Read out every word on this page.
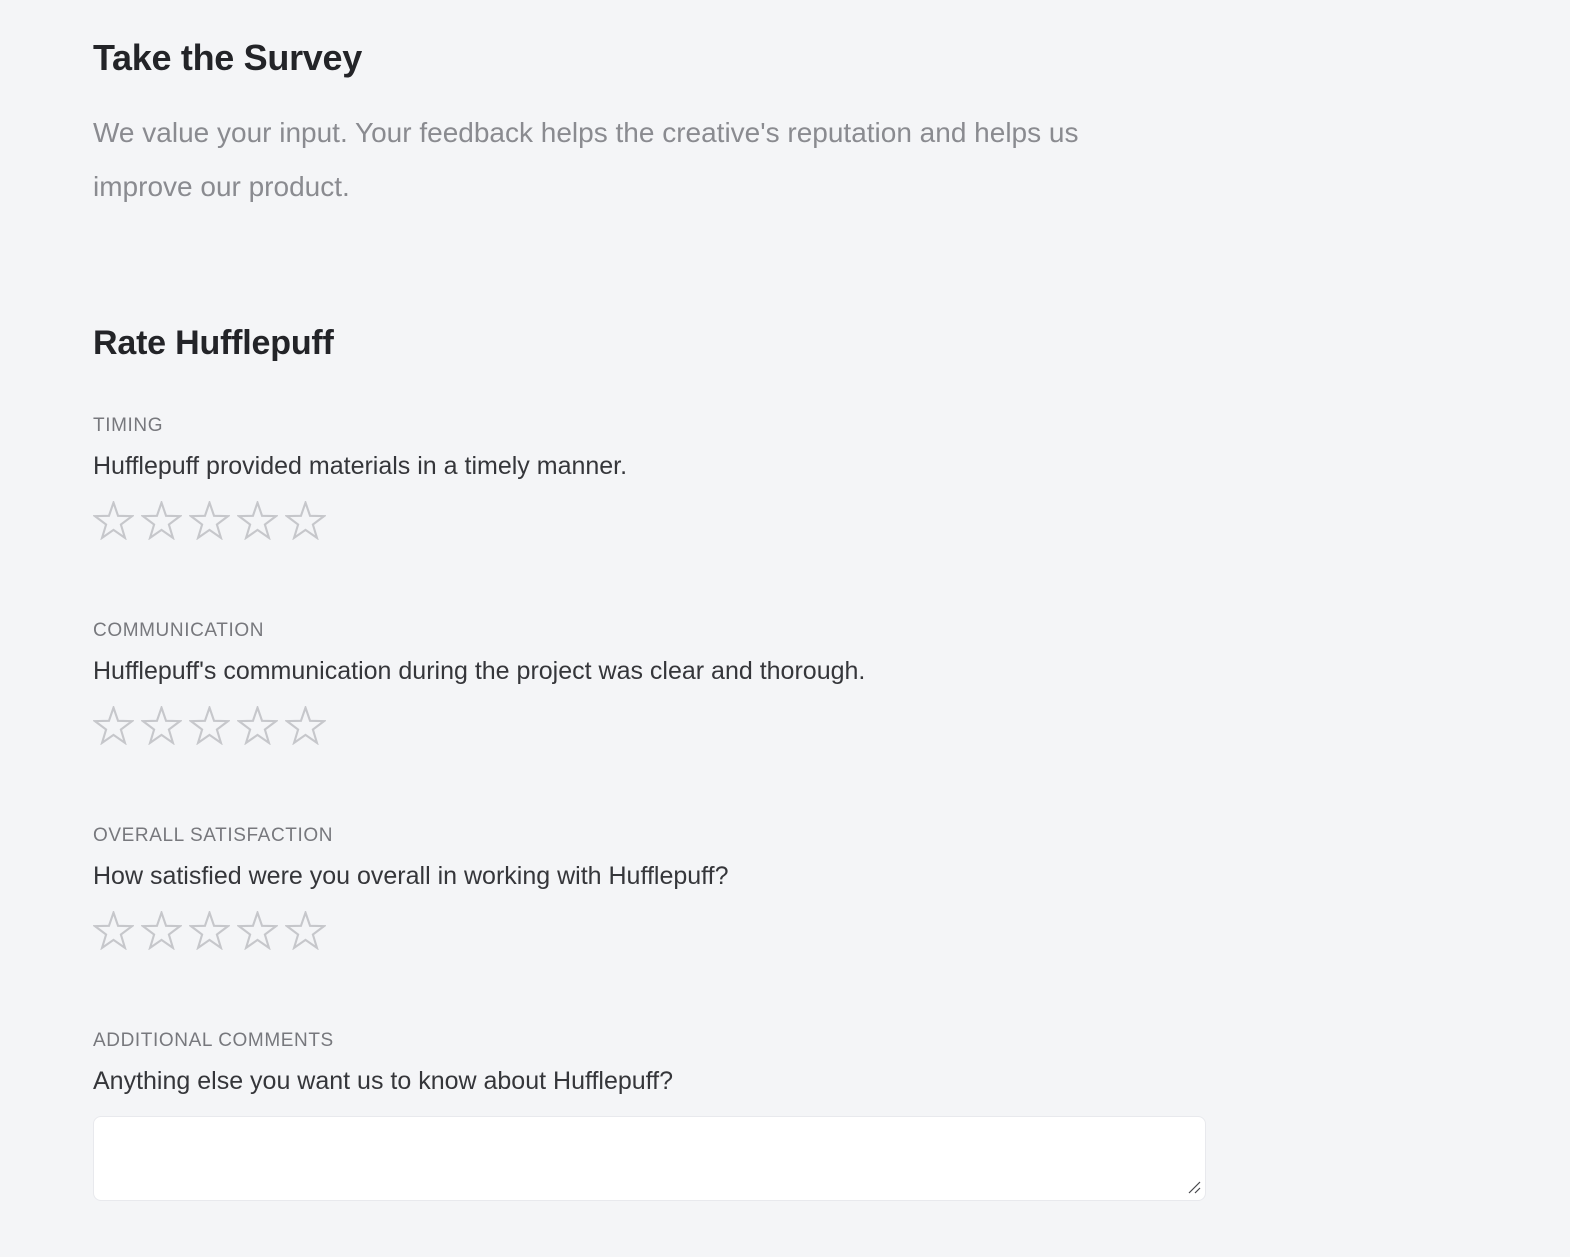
Take the Survey

We value your input. Your feedback helps the creative's reputation and helps us improve our product.

Rate Hufflepuff

TIMING

Hufflepuff provided materials in a timely manner.

COMMUNICATION

Hufflepuff's communication during the project was clear and thorough.

OVERALL SATISFACTION

How satisfied were you overall in working with Hufflepuff?

ADDITIONAL COMMENTS

Anything else you want us to know about Hufflepuff?
